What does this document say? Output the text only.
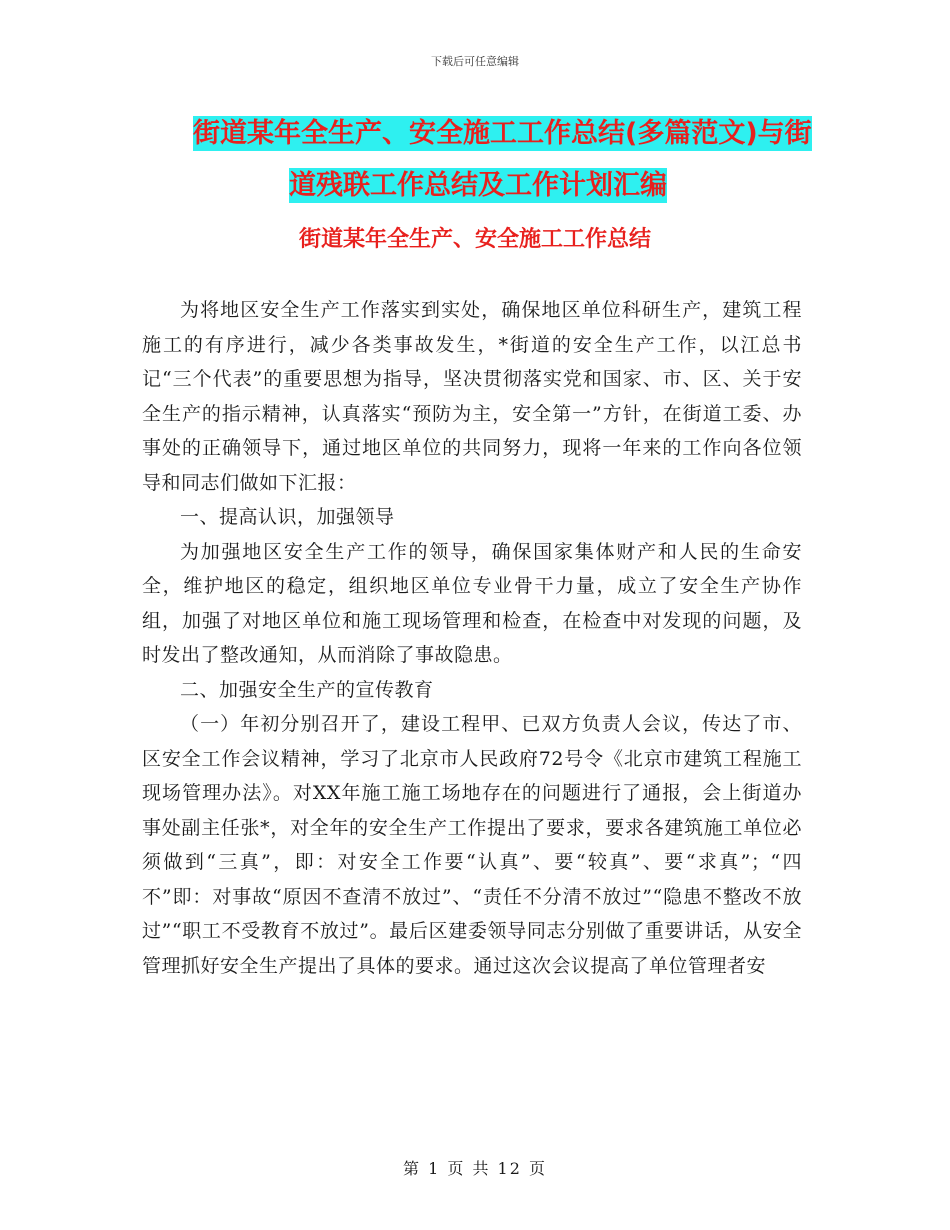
下载后可任意编辑
街道某年全生产、安全施工工作总结(多篇范文)与街
道残联工作总结及工作计划汇编
街道某年全生产、安全施工工作总结

为将地区安全生产工作落实到实处，确保地区单位科研生产，建筑工程施工的有序进行，减少各类事故发生，*街道的安全生产工作，以江总书记“三个代表”的重要思想为指导，坚决贯彻落实党和国家、市、区、关于安全生产的指示精神，认真落实“预防为主，安全第一”方针，在街道工委、办事处的正确领导下，通过地区单位的共同努力，现将一年来的工作向各位领导和同志们做如下汇报：

一、提高认识，加强领导

为加强地区安全生产工作的领导，确保国家集体财产和人民的生命安全，维护地区的稳定，组织地区单位专业骨干力量，成立了安全生产协作组，加强了对地区单位和施工现场管理和检查，在检查中对发现的问题，及时发出了整改通知，从而消除了事故隐患。

二、加强安全生产的宣传教育

（一）年初分别召开了，建设工程甲、已双方负责人会议，传达了市、区安全工作会议精神，学习了北京市人民政府72号令《北京市建筑工程施工现场管理办法》。对XX年施工施工场地存在的问题进行了通报，会上街道办事处副主任张*，对全年的安全生产工作提出了要求，要求各建筑施工单位必须做到“三真”，即：对安全工作要“认真”、要“较真”、要“求真”；“四不”即：对事故“原因不查清不放过”、“责任不分清不放过”“隐患不整改不放过”“职工不受教育不放过”。最后区建委领导同志分别做了重要讲话，从安全管理抓好安全生产提出了具体的要求。通过这次会议提高了单位管理者安

第 1 页 共 12 页
